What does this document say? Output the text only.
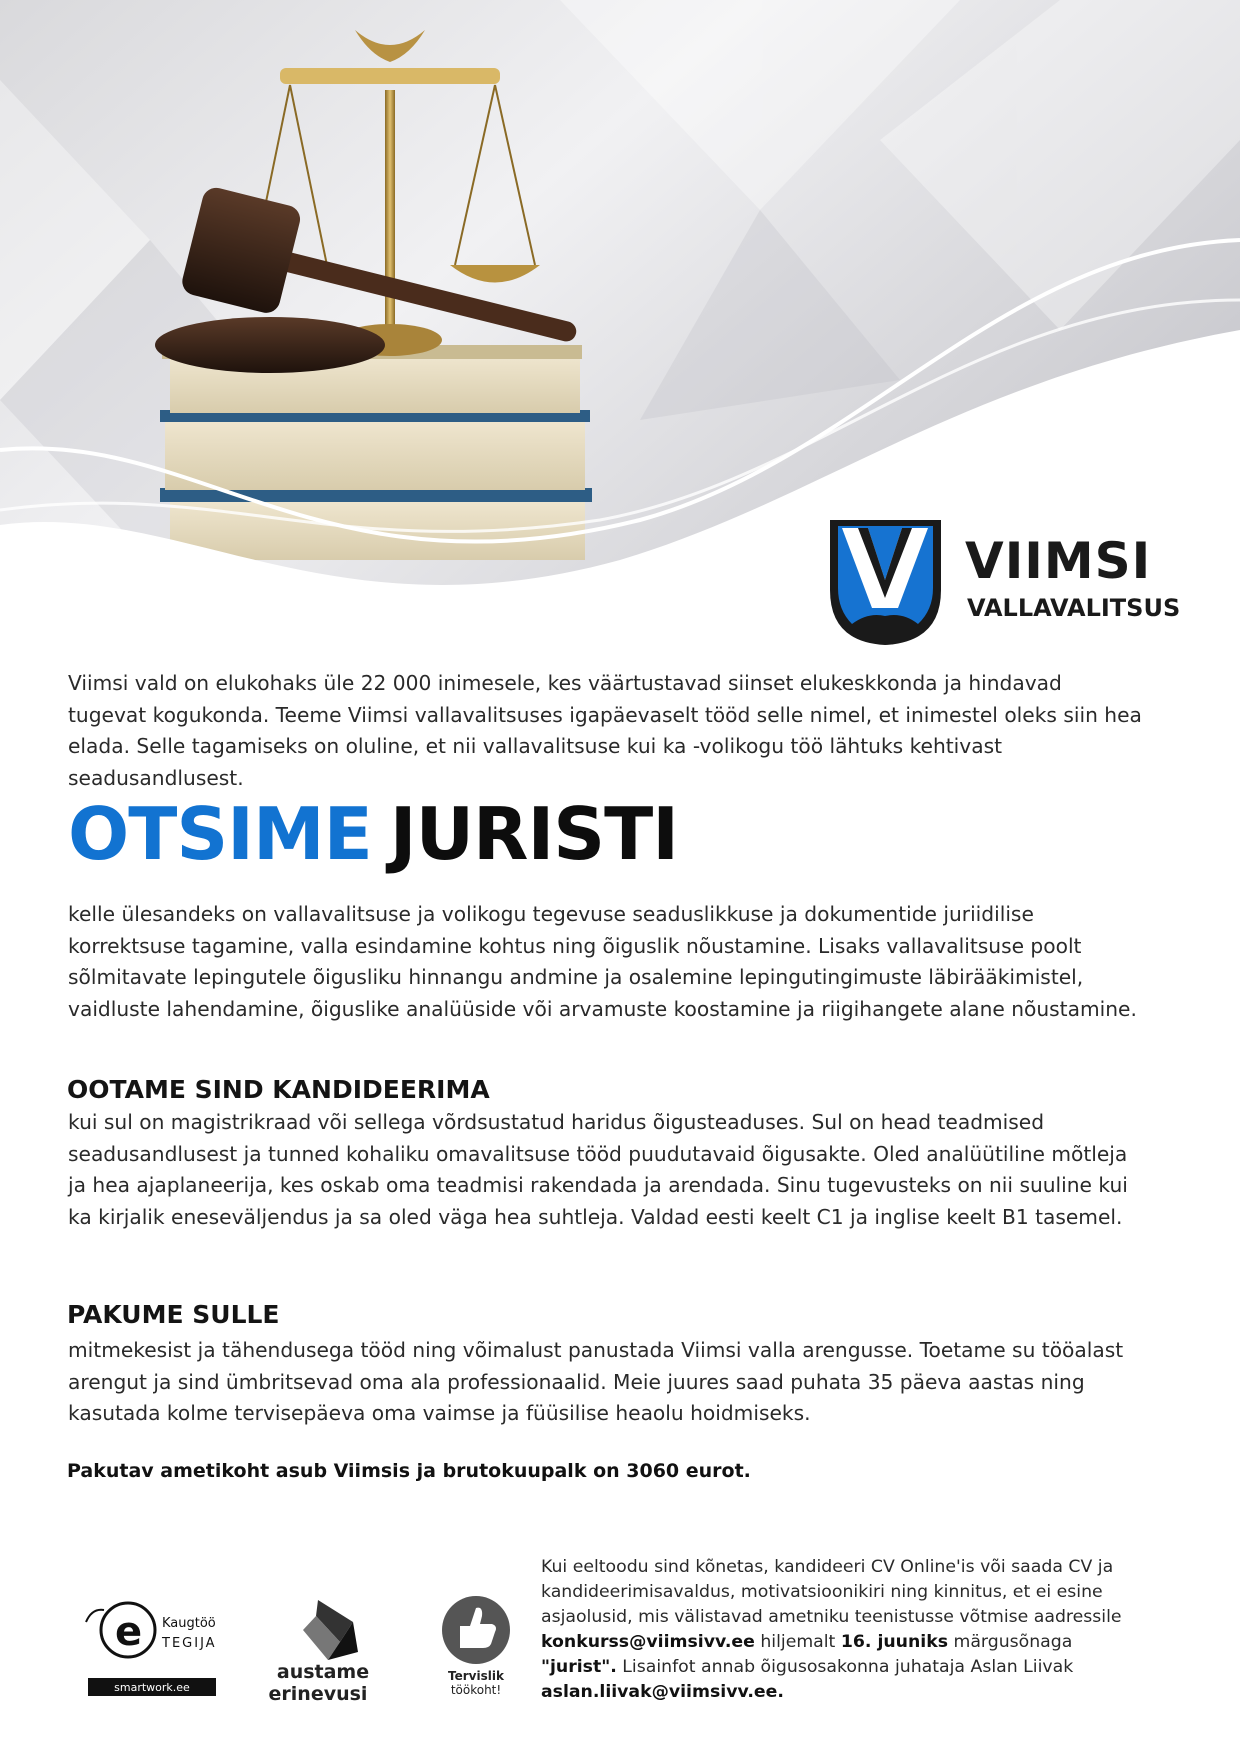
VIIMSI
VALLAVALITSUS

Viimsi vald on elukohaks üle 22 000 inimesele, kes väärtustavad siinset elukeskkonda ja hindavad tugevat kogukonda. Teeme Viimsi vallavalitsuses igapäevaselt tööd selle nimel, et inimestel oleks siin hea elada. Selle tagamiseks on oluline, et nii vallavalitsuse kui ka -volikogu töö lähtuks kehtivast seadusandlusest.

OTSIME JURISTI

kelle ülesandeks on vallavalitsuse ja volikogu tegevuse seaduslikkuse ja dokumentide juriidilise korrektsuse tagamine, valla esindamine kohtus ning õiguslik nõustamine. Lisaks vallavalitsuse poolt sõlmitavate lepingutele õigusliku hinnangu andmine ja osalemine lepingutingimuste läbirääkimistel, vaidluste lahendamine, õiguslike analüüside või arvamuste koostamine ja riigihangete alane nõustamine.

OOTAME SIND KANDIDEERIMA

kui sul on magistrikraad või sellega võrdsustatud haridus õigusteaduses. Sul on head teadmised seadusandlusest ja tunned kohaliku omavalitsuse tööd puudutavaid õigusakte. Oled analüütiline mõtleja ja hea ajaplaneerija, kes oskab oma teadmisi rakendada ja arendada. Sinu tugevusteks on nii suuline kui ka kirjalik eneseväljendus ja sa oled väga hea suhtleja. Valdad eesti keelt C1 ja inglise keelt B1 tasemel.

PAKUME SULLE

mitmekesist ja tähendusega tööd ning võimalust panustada Viimsi valla arengusse. Toetame su tööalast arengut ja sind ümbritsevad oma ala professionaalid. Meie juures saad puhata 35 päeva aastas ning kasutada kolme tervisepäeva oma vaimse ja füüsilise heaolu hoidmiseks.

Pakutav ametikoht asub Viimsis ja brutokuupalk on 3060 eurot.

e Kaugtöö
TEGIJA
smartwork.ee
austame
erinevusi
Tervislik
töökoht!

Kui eeltoodu sind kõnetas, kandideeri CV Online'is või saada CV ja kandideerimisavaldus, motivatsioonikiri ning kinnitus, et ei esine asjaolusid, mis välistavad ametniku teenistusse võtmise aadressile konkurss@viimsivv.ee hiljemalt 16. juuniks märgusõnaga "jurist". Lisainfot annab õigusosakonna juhataja Aslan Liivak aslan.liivak@viimsivv.ee.
